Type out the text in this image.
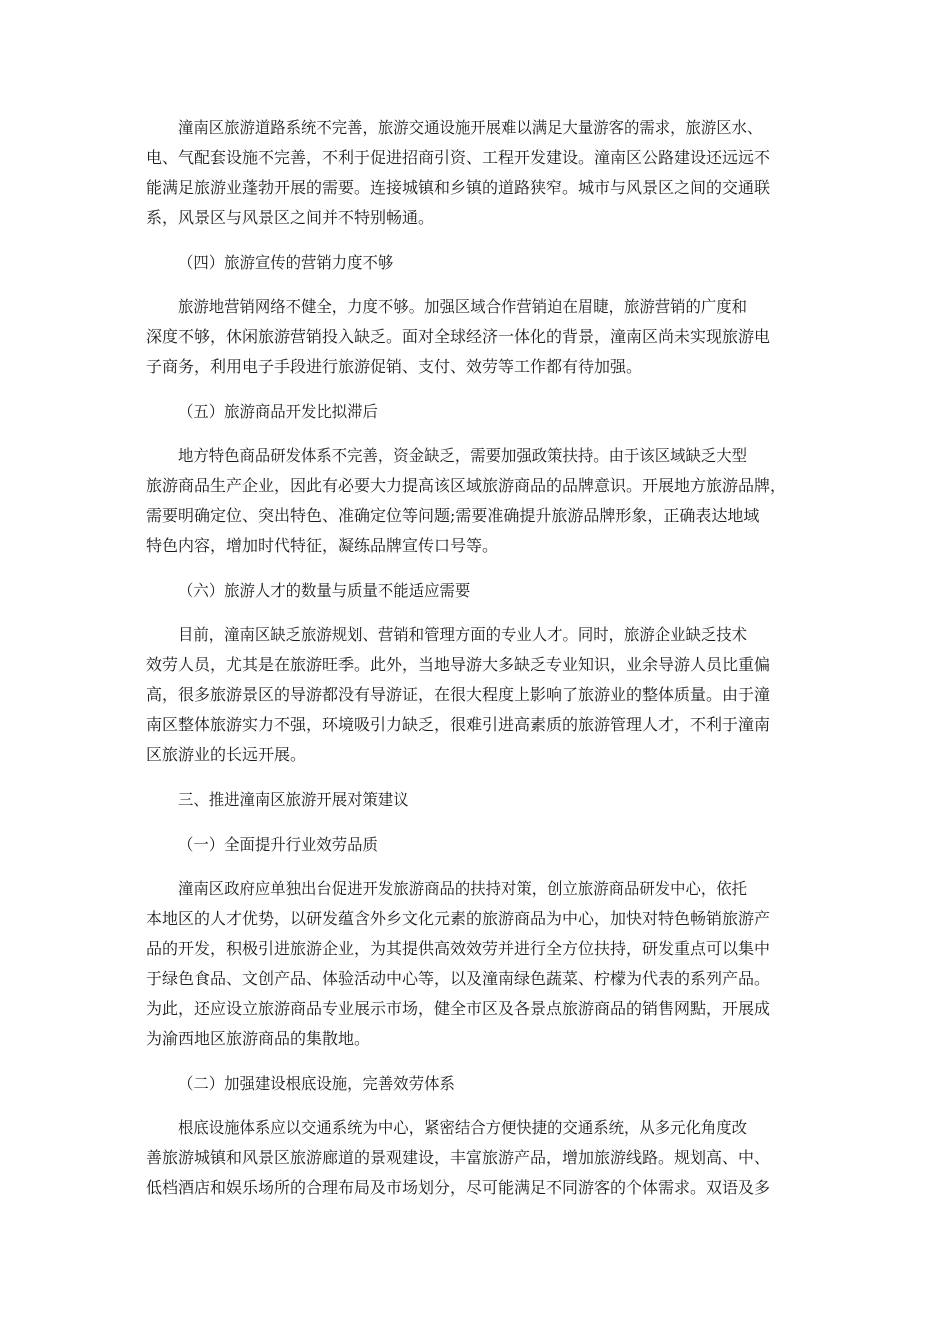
潼南区旅游道路系统不完善，旅游交通设施开展难以满足大量游客的需求，旅游区水、
电、气配套设施不完善，不利于促进招商引资、工程开发建设。潼南区公路建设还远远不
能满足旅游业蓬勃开展的需要。连接城镇和乡镇的道路狭窄。城市与风景区之间的交通联
系，风景区与风景区之间并不特别畅通。
（四）旅游宣传的营销力度不够
旅游地营销网络不健全，力度不够。加强区域合作营销迫在眉睫，旅游营销的广度和
深度不够，休闲旅游营销投入缺乏。面对全球经济一体化的背景，潼南区尚未实现旅游电
子商务，利用电子手段进行旅游促销、支付、效劳等工作都有待加强。
（五）旅游商品开发比拟滞后
地方特色商品研发体系不完善，资金缺乏，需要加强政策扶持。由于该区域缺乏大型
旅游商品生产企业，因此有必要大力提高该区域旅游商品的品牌意识。开展地方旅游品牌，
需要明确定位、突出特色、准确定位等问题;需要准确提升旅游品牌形象，正确表达地域
特色内容，增加时代特征，凝练品牌宣传口号等。
（六）旅游人才的数量与质量不能适应需要
目前，潼南区缺乏旅游规划、营销和管理方面的专业人才。同时，旅游企业缺乏技术
效劳人员，尤其是在旅游旺季。此外，当地导游大多缺乏专业知识，业余导游人员比重偏
高，很多旅游景区的导游都没有导游证，在很大程度上影响了旅游业的整体质量。由于潼
南区整体旅游实力不强，环境吸引力缺乏，很难引进高素质的旅游管理人才，不利于潼南
区旅游业的长远开展。
三、推进潼南区旅游开展对策建议
（一）全面提升行业效劳品质
潼南区政府应单独出台促进开发旅游商品的扶持对策，创立旅游商品研发中心，依托
本地区的人才优势，以研发蕴含外乡文化元素的旅游商品为中心，加快对特色畅销旅游产
品的开发，积极引进旅游企业，为其提供高效效劳并进行全方位扶持，研发重点可以集中
于绿色食品、文创产品、体验活动中心等，以及潼南绿色蔬菜、柠檬为代表的系列产品。
为此，还应设立旅游商品专业展示市场，健全市区及各景点旅游商品的销售网點，开展成
为渝西地区旅游商品的集散地。
（二）加强建设根底设施，完善效劳体系
根底设施体系应以交通系统为中心，紧密结合方便快捷的交通系统，从多元化角度改
善旅游城镇和风景区旅游廊道的景观建设，丰富旅游产品，增加旅游线路。规划高、中、
低档酒店和娱乐场所的合理布局及市场划分，尽可能满足不同游客的个体需求。双语及多
